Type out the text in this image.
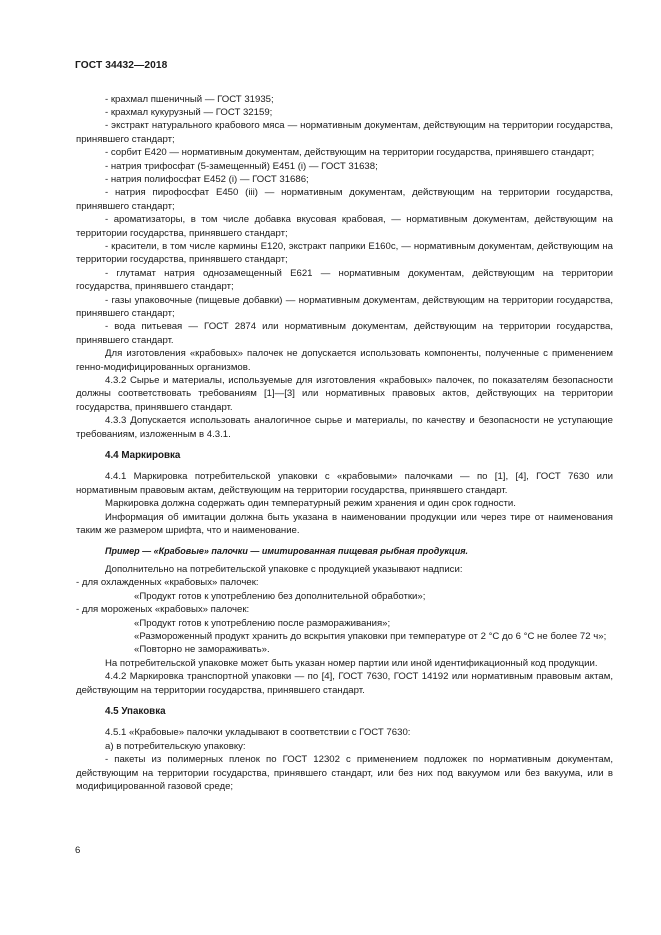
ГОСТ 34432—2018

- крахмал пшеничный — ГОСТ 31935;

- крахмал кукурузный — ГОСТ 32159;

- экстракт натурального крабового мяса — нормативным документам, действующим на территории государства, принявшего стандарт;

- сорбит Е420 — нормативным документам, действующим на территории государства, принявшего стандарт;

- натрия трифосфат (5-замещенный) Е451 (i) — ГОСТ 31638;

- натрия полифосфат Е452 (i) — ГОСТ 31686;

- натрия пирофосфат Е450 (iii) — нормативным документам, действующим на территории государства, принявшего стандарт;

- ароматизаторы, в том числе добавка вкусовая крабовая, — нормативным документам, действующим на территории государства, принявшего стандарт;

- красители, в том числе кармины Е120, экстракт паприки Е160с, — нормативным документам, действующим на территории государства, принявшего стандарт;

- глутамат натрия однозамещенный Е621 — нормативным документам, действующим на территории государства, принявшего стандарт;

- газы упаковочные (пищевые добавки) — нормативным документам, действующим на территории государства, принявшего стандарт;

- вода питьевая — ГОСТ 2874 или нормативным документам, действующим на территории государства, принявшего стандарт.

Для изготовления «крабовых» палочек не допускается использовать компоненты, полученные с применением генно-модифицированных организмов.

4.3.2 Сырье и материалы, используемые для изготовления «крабовых» палочек, по показателям безопасности должны соответствовать требованиям [1]—[3] или нормативных правовых актов, действующих на территории государства, принявшего стандарт.

4.3.3 Допускается использовать аналогичное сырье и материалы, по качеству и безопасности не уступающие требованиям, изложенным в 4.3.1.

4.4 Маркировка

4.4.1 Маркировка потребительской упаковки с «крабовыми» палочками — по [1], [4], ГОСТ 7630 или нормативным правовым актам, действующим на территории государства, принявшего стандарт.

Маркировка должна содержать один температурный режим хранения и один срок годности.

Информация об имитации должна быть указана в наименовании продукции или через тире от наименования таким же размером шрифта, что и наименование.

Пример — «Крабовые» палочки — имитированная пищевая рыбная продукция.

Дополнительно на потребительской упаковке с продукцией указывают надписи:

- для охлажденных «крабовых» палочек:

«Продукт готов к употреблению без дополнительной обработки»;

- для мороженых «крабовых» палочек:

«Продукт готов к употреблению после размораживания»;

«Размороженный продукт хранить до вскрытия упаковки при температуре от 2 °С до 6 °С не более 72 ч»;

«Повторно не замораживать».

На потребительской упаковке может быть указан номер партии или иной идентификационный код продукции.

4.4.2 Маркировка транспортной упаковки — по [4], ГОСТ 7630, ГОСТ 14192 или нормативным правовым актам, действующим на территории государства, принявшего стандарт.

4.5 Упаковка

4.5.1 «Крабовые» палочки укладывают в соответствии с ГОСТ 7630:

а) в потребительскую упаковку:

- пакеты из полимерных пленок по ГОСТ 12302 с применением подложек по нормативным документам, действующим на территории государства, принявшего стандарт, или без них под вакуумом или без вакуума, или в модифицированной газовой среде;

6
